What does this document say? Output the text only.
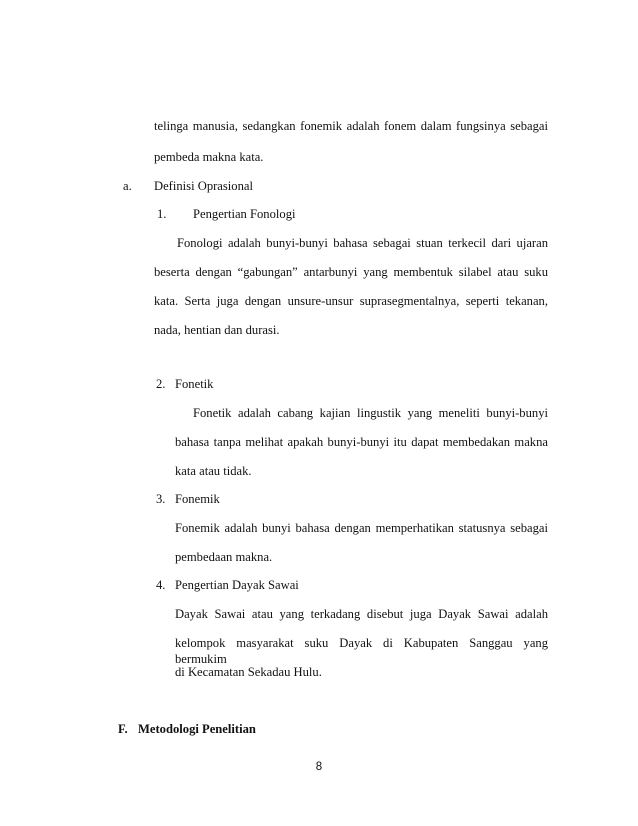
telinga manusia, sedangkan fonemik adalah fonem dalam fungsinya sebagai
pembeda makna kata.
a. Definisi Oprasional
1. Pengertian Fonologi
Fonologi adalah bunyi-bunyi bahasa sebagai stuan terkecil dari ujaran
beserta dengan “gabungan” antarbunyi yang membentuk silabel atau suku
kata. Serta juga dengan unsure-unsur suprasegmentalnya, seperti tekanan,
nada, hentian dan durasi.
2. Fonetik
Fonetik adalah cabang kajian lingustik yang meneliti bunyi-bunyi
bahasa tanpa melihat apakah bunyi-bunyi itu dapat membedakan makna
kata atau tidak.
3. Fonemik
Fonemik adalah bunyi bahasa dengan memperhatikan statusnya sebagai
pembedaan makna.
4. Pengertian Dayak Sawai
Dayak Sawai atau yang terkadang disebut juga Dayak Sawai adalah
kelompok masyarakat suku Dayak di Kabupaten Sanggau yang bermukim
di Kecamatan Sekadau Hulu.
F. Metodologi Penelitian
8
